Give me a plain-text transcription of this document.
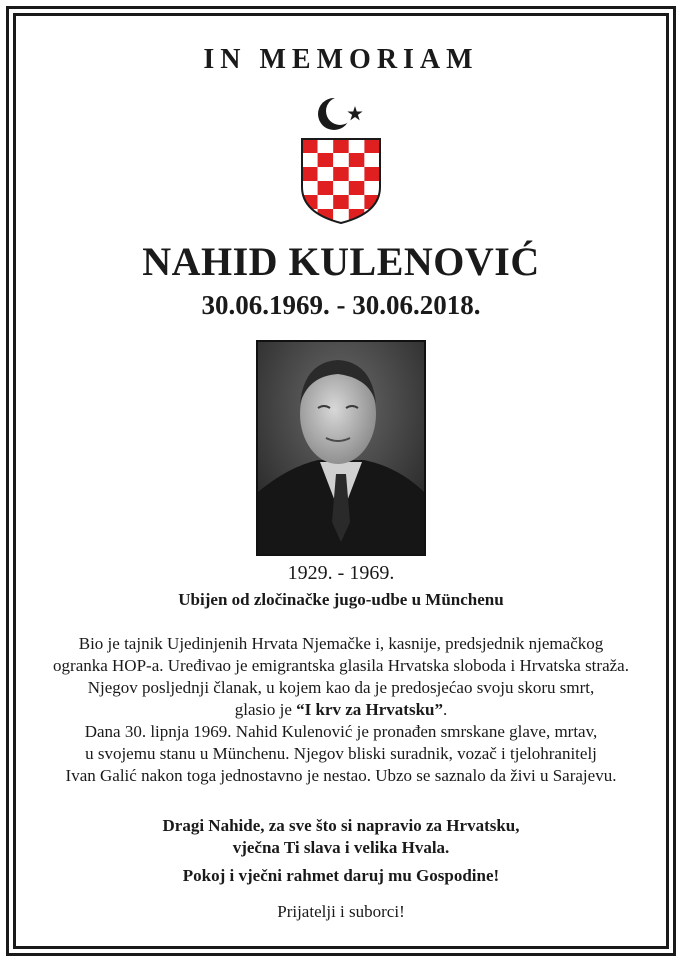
IN MEMORIAM
NAHID KULENOVIĆ
30.06.1969. - 30.06.2018.
1929. - 1969.
Ubijen od zločinačke jugo-udbe u Münchenu
Bio je tajnik Ujedinjenih Hrvata Njemačke i, kasnije, predsjednik njemačkog
ogranka HOP-a. Uređivao je emigrantska glasila Hrvatska sloboda i Hrvatska straža.
Njegov posljednji članak, u kojem kao da je predosjećao svoju skoru smrt,
glasio je “I krv za Hrvatsku”.
Dana 30. lipnja 1969. Nahid Kulenović je pronađen smrskane glave, mrtav,
u svojemu stanu u Münchenu. Njegov bliski suradnik, vozač i tjelohranitelj
Ivan Galić nakon toga jednostavno je nestao. Ubzo se saznalo da živi u Sarajevu.
Dragi Nahide, za sve što si napravio za Hrvatsku,
vječna Ti slava i velika Hvala.
Pokoj i vječni rahmet daruj mu Gospodine!
Prijatelji i suborci!
